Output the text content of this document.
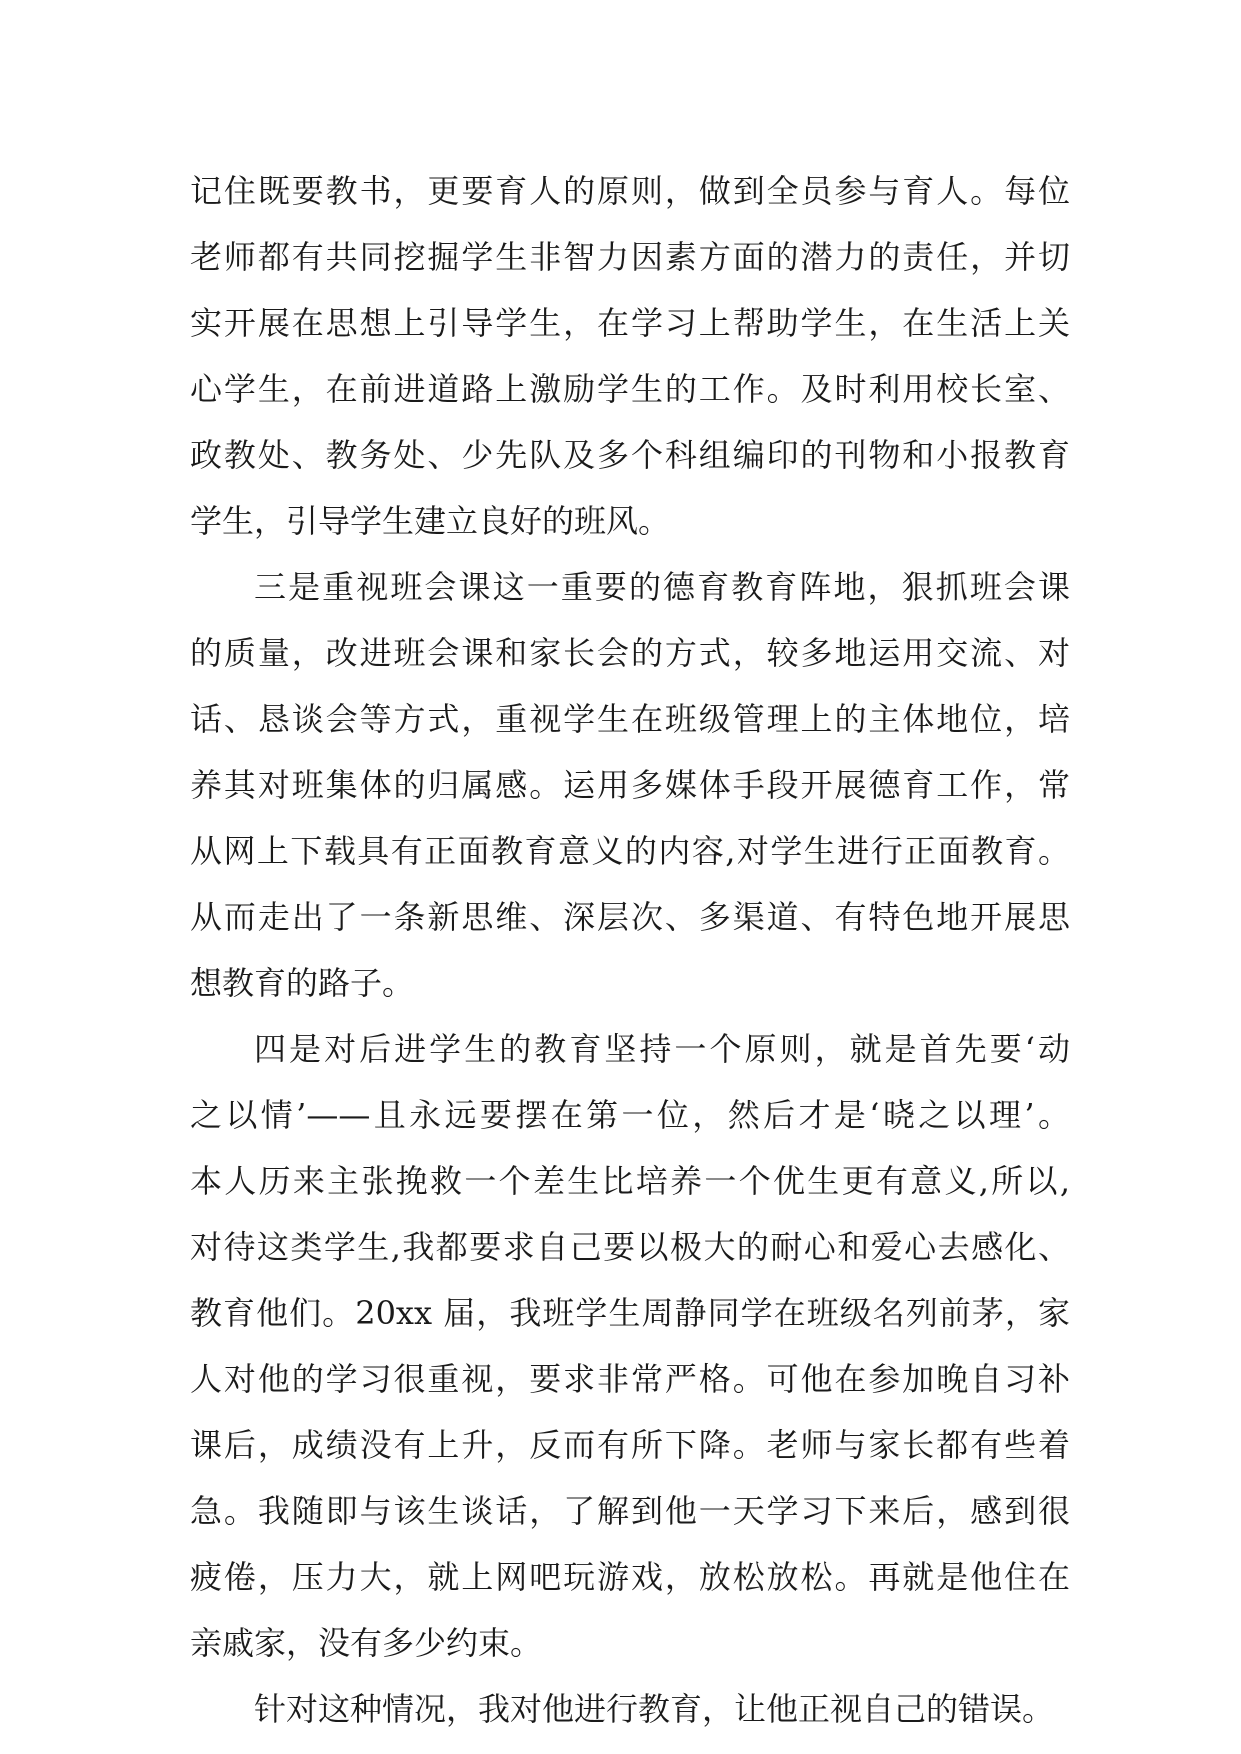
记住既要教书，更要育人的原则，做到全员参与育人。每位
老师都有共同挖掘学生非智力因素方面的潜力的责任，并切
实开展在思想上引导学生，在学习上帮助学生，在生活上关
心学生，在前进道路上激励学生的工作。及时利用校长室、
政教处、教务处、少先队及多个科组编印的刊物和小报教育
学生，引导学生建立良好的班风。
三是重视班会课这一重要的德育教育阵地，狠抓班会课
的质量，改进班会课和家长会的方式，较多地运用交流、对
话、恳谈会等方式，重视学生在班级管理上的主体地位，培
养其对班集体的归属感。运用多媒体手段开展德育工作，常
从网上下载具有正面教育意义的内容,对学生进行正面教育。
从而走出了一条新思维、深层次、多渠道、有特色地开展思
想教育的路子。
四是对后进学生的教育坚持一个原则，就是首先要‘动
之以情’——且永远要摆在第一位，然后才是‘晓之以理’。
本人历来主张挽救一个差生比培养一个优生更有意义,所以,
对待这类学生,我都要求自己要以极大的耐心和爱心去感化、
教育他们。20xx 届，我班学生周静同学在班级名列前茅，家
人对他的学习很重视，要求非常严格。可他在参加晚自习补
课后，成绩没有上升，反而有所下降。老师与家长都有些着
急。我随即与该生谈话，了解到他一天学习下来后，感到很
疲倦，压力大，就上网吧玩游戏，放松放松。再就是他住在
亲戚家，没有多少约束。
针对这种情况，我对他进行教育，让他正视自己的错误。
